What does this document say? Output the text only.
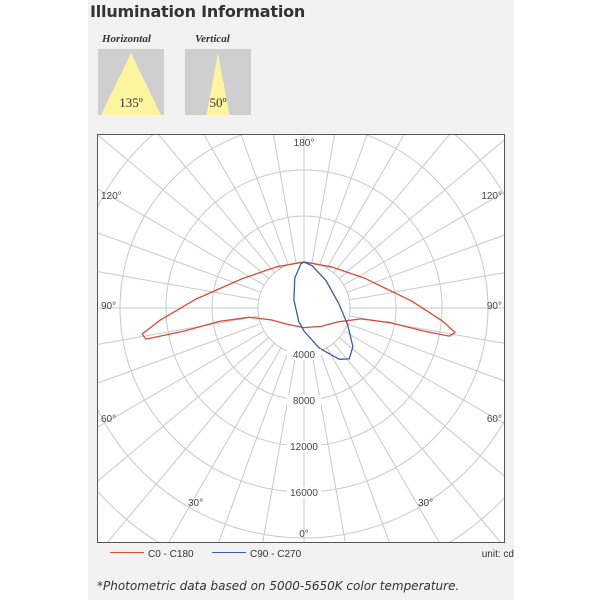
Illumination Information
Horizontal	Vertical
135º	50º
4000
8000
12000
16000
180°
0°
30°
60°
90°
120°
30°
60°
90°
120°
C0 - C180	C90 - C270	unit: cd
*Photometric data based on 5000-5650K color temperature.
